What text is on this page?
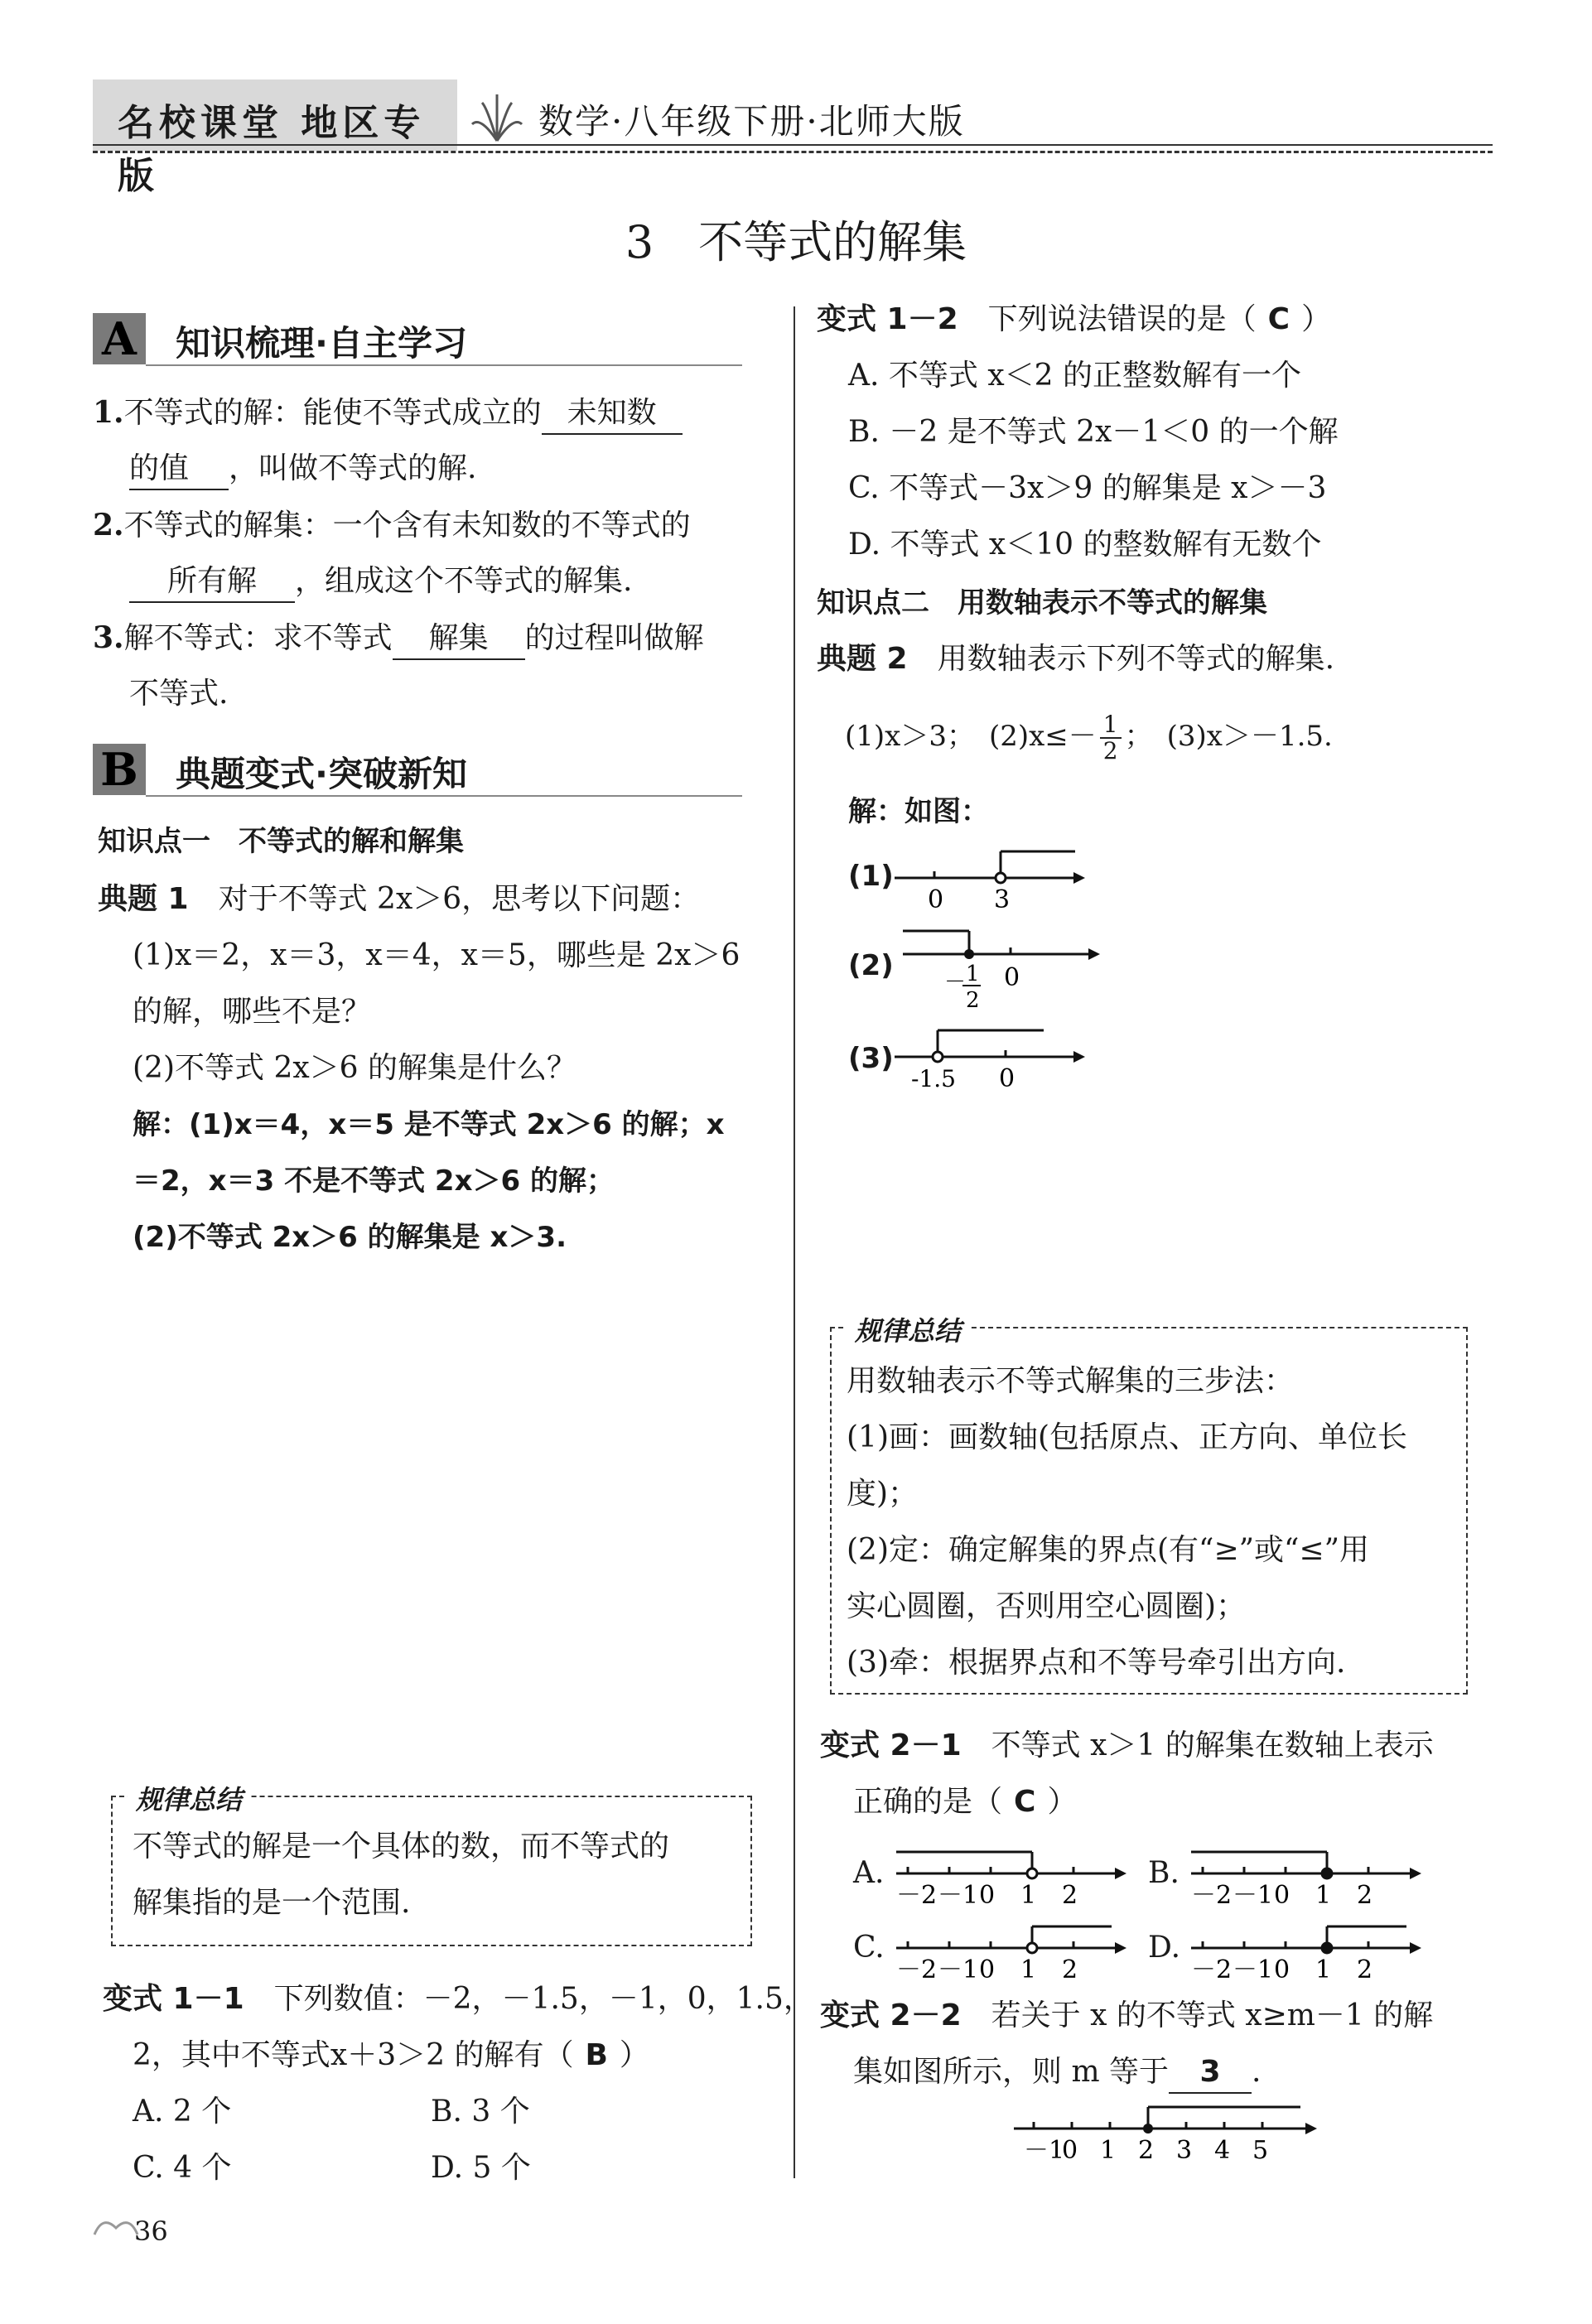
名校课堂 地区专版
数学·八年级下册·北师大版
3　不等式的解集
A 知识梳理·自主学习
1.不等式的解：能使不等式成立的 未知数
的值 ，叫做不等式的解.
2.不等式的解集：一个含有未知数的不等式的
所有解 ，组成这个不等式的解集.
3.解不等式：求不等式 解集 的过程叫做解
不等式.
B 典题变式·突破新知
知识点一　不等式的解和解集
典题 1　 对于不等式 2x＞6，思考以下问题：
(1)x＝2，x＝3，x＝4，x＝5，哪些是 2x＞6
的解，哪些不是？
(2)不等式 2x＞6 的解集是什么？
解：(1)x＝4，x＝5 是不等式 2x＞6 的解；x
＝2，x＝3 不是不等式 2x＞6 的解；
(2)不等式 2x＞6 的解集是 x＞3.
规律总结
不等式的解是一个具体的数，而不等式的
解集指的是一个范围.
变式 1－1　 下列数值：－2，－1.5，－1，0，1.5，
2，其中不等式x＋3＞2 的解有（ B ）
A. 2 个	B. 3 个
C. 4 个	D. 5 个
36
变式 1－2　 下列说法错误的是（ C ）
A. 不等式 x＜2 的正整数解有一个
B. －2 是不等式 2x－1＜0 的一个解
C. 不等式－3x＞9 的解集是 x＞－3
D. 不等式 x＜10 的整数解有无数个
知识点二　用数轴表示不等式的解集
典题 2　 用数轴表示下列不等式的解集.
(1)x＞3；　$(2)x\le- \frac{1}{2}$ ；　(3)x＞－1.5.
解：如图：
(1)
0 3
(2) － 1
2
0
(3)
-1.5 0
规律总结
用数轴表示不等式解集的三步法：
(1)画：画数轴(包括原点、正方向、单位长
度)；
(2)定：确定解集的界点(有“≥”或“≤”用
实心圆圈，否则用空心圆圈)；
(3)牵：根据界点和不等号牵引出方向.
变式 2－1　 不等式 x＞1 的解集在数轴上表示
正确的是（ C ）
A.
－2 －1 0 1 2
B.
－2 －1 0 1 2
C.
－2 －1 0 1 2
D.
－2 －1 0 1 2
变式 2－2　 若关于 x 的不等式 x≥m－1 的解
集如图所示，则 m 等于 3 .
－1
0 1 2 3 4 5
